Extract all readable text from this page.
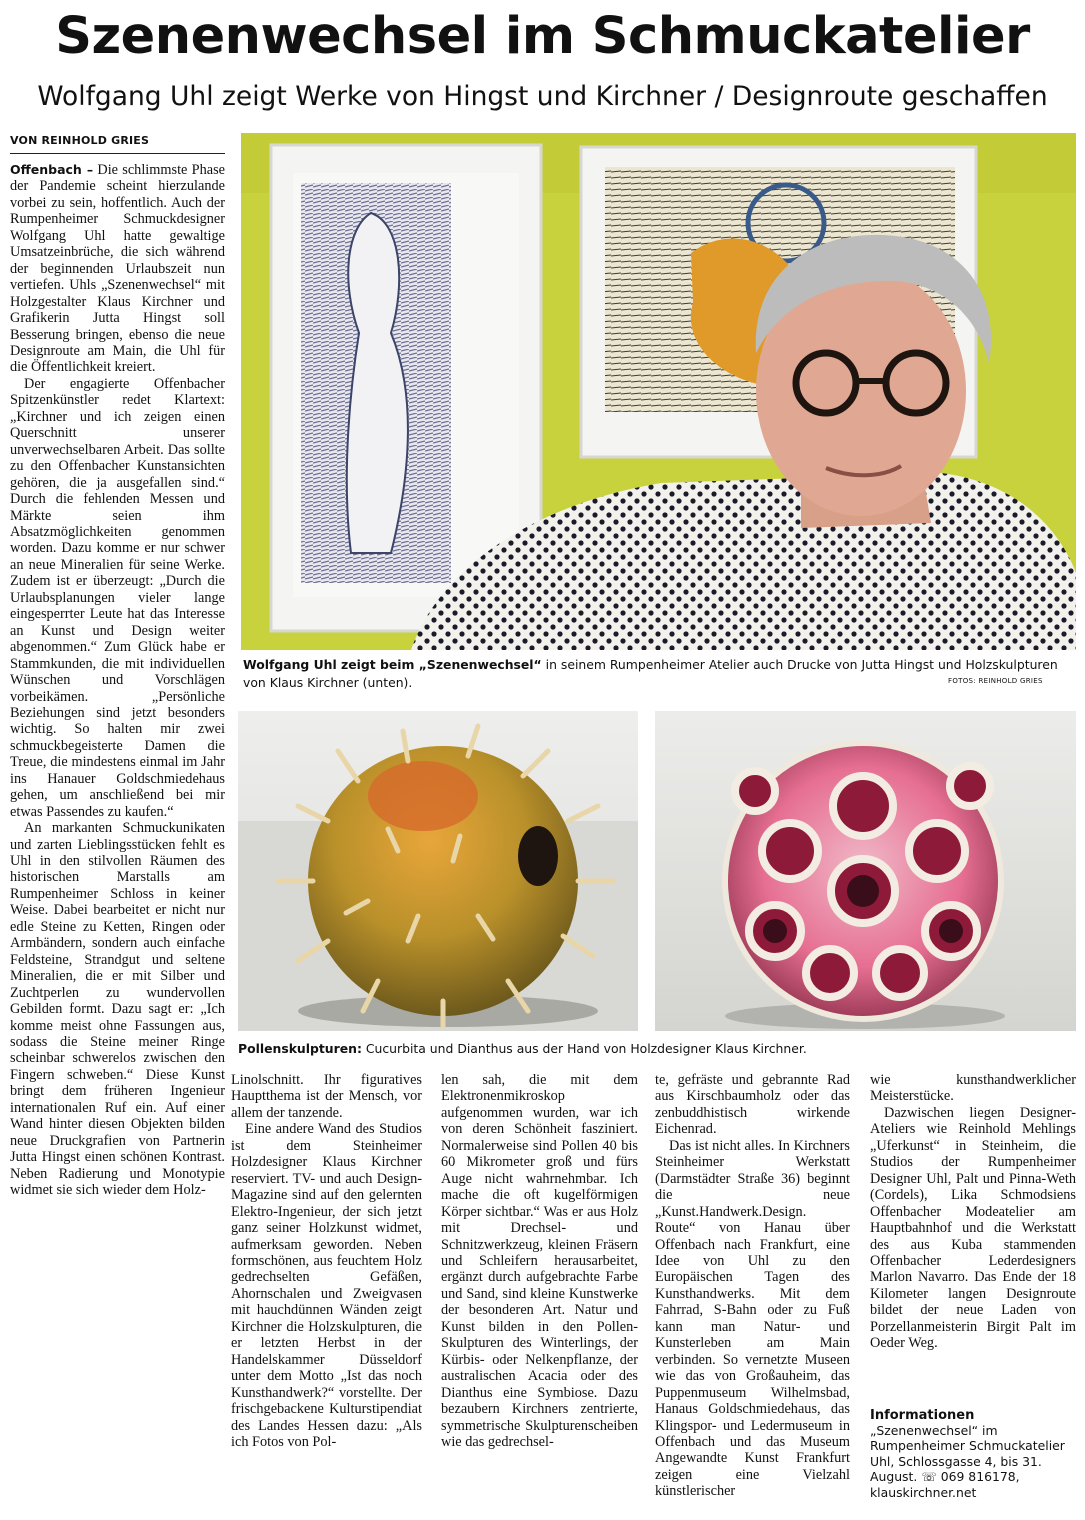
Szenenwechsel im Schmuckatelier
Wolfgang Uhl zeigt Werke von Hingst und Kirchner / Designroute geschaffen
VON REINHOLD GRIES

Offenbach – Die schlimmste Phase der Pandemie scheint hierzulande vorbei zu sein, hoffentlich. Auch der Rumpenheimer Schmuckdesigner Wolfgang Uhl hatte gewaltige Umsatzeinbrüche, die sich während der beginnenden Urlaubszeit nun vertiefen. Uhls „Szenenwechsel“ mit Holzgestalter Klaus Kirchner und Grafikerin Jutta Hingst soll Besserung bringen, ebenso die neue Designroute am Main, die Uhl für die Öffentlichkeit kreiert.

Der engagierte Offenbacher Spitzenkünstler redet Klartext: „Kirchner und ich zeigen einen Querschnitt unserer unverwechselbaren Arbeit. Das sollte zu den Offenbacher Kunstansichten gehören, die ja ausgefallen sind.“ Durch die fehlenden Messen und Märkte seien ihm Absatzmöglichkeiten genommen worden. Dazu komme er nur schwer an neue Mineralien für seine Werke. Zudem ist er überzeugt: „Durch die Urlaubsplanungen vieler lange eingesperrter Leute hat das Interesse an Kunst und Design weiter abgenommen.“ Zum Glück habe er Stammkunden, die mit individuellen Wünschen und Vorschlägen vorbeikämen. „Persönliche Beziehungen sind jetzt besonders wichtig. So halten mir zwei schmuckbegeisterte Damen die Treue, die mindestens einmal im Jahr ins Hanauer Goldschmiedehaus gehen, um anschließend bei mir etwas Passendes zu kaufen.“

An markanten Schmuckunikaten und zarten Lieblingsstücken fehlt es Uhl in den stilvollen Räumen des historischen Marstalls am Rumpenheimer Schloss in keiner Weise. Dabei bearbeitet er nicht nur edle Steine zu Ketten, Ringen oder Armbändern, sondern auch einfache Feldsteine, Strandgut und seltene Mineralien, die er mit Silber und Zuchtperlen zu wundervollen Gebilden formt. Dazu sagt er: „Ich komme meist ohne Fassungen aus, sodass die Steine meiner Ringe scheinbar schwerelos zwischen den Fingern schweben.“ Diese Kunst bringt dem früheren Ingenieur internationalen Ruf ein. Auf einer Wand hinter diesen Objekten bilden neue Druckgrafien von Partnerin Jutta Hingst einen schönen Kontrast. Neben Radierung und Monotypie widmet sie sich wieder dem Holz-

Wolfgang Uhl zeigt beim „Szenenwechsel“ in seinem Rumpenheimer Atelier auch Drucke von Jutta Hingst und Holzskulpturen von Klaus Kirchner (unten).	FOTOS: REINHOLD GRIES
Pollenskulpturen: Cucurbita und Dianthus aus der Hand von Holzdesigner Klaus Kirchner.

Linolschnitt. Ihr figuratives Hauptthema ist der Mensch, vor allem der tanzende.

Eine andere Wand des Studios ist dem Steinheimer Holzdesigner Klaus Kirchner reserviert. TV- und auch Design-Magazine sind auf den gelernten Elektro-Ingenieur, der sich jetzt ganz seiner Holzkunst widmet, aufmerksam geworden. Neben formschönen, aus feuchtem Holz gedrechselten Gefäßen, Ahornschalen und Zweigvasen mit hauchdünnen Wänden zeigt Kirchner die Holzskulpturen, die er letzten Herbst in der Handelskammer Düsseldorf unter dem Motto „Ist das noch Kunsthandwerk?“ vorstellte. Der frischgebackene Kulturstipendiat des Landes Hessen dazu: „Als ich Fotos von Pol-

len sah, die mit dem Elektronenmikroskop aufgenommen wurden, war ich von deren Schönheit fasziniert. Normalerweise sind Pollen 40 bis 60 Mikrometer groß und fürs Auge nicht wahrnehmbar. Ich mache die oft kugelförmigen Körper sichtbar.“ Was er aus Holz mit Drechsel- und Schnitzwerkzeug, kleinen Fräsern und Schleifern herausarbeitet, ergänzt durch aufgebrachte Farbe und Sand, sind kleine Kunstwerke der besonderen Art. Natur und Kunst bilden in den Pollen-Skulpturen des Winterlings, der Kürbis- oder Nelkenpflanze, der australischen Acacia oder des Dianthus eine Symbiose. Dazu bezaubern Kirchners zentrierte, symmetrische Skulpturenscheiben wie das gedrechsel-

te, gefräste und gebrannte Rad aus Kirschbaumholz oder das zenbuddhistisch wirkende Eichenrad.

Das ist nicht alles. In Kirchners Steinheimer Werkstatt (Darmstädter Straße 36) beginnt die neue „Kunst.Handwerk.Design. Route“ von Hanau über Offenbach nach Frankfurt, eine Idee von Uhl zu den Europäischen Tagen des Kunsthandwerks. Mit dem Fahrrad, S-Bahn oder zu Fuß kann man Natur- und Kunsterleben am Main verbinden. So vernetzte Museen wie das von Großauheim, das Puppenmuseum Wilhelmsbad, Hanaus Goldschmiedehaus, das Klingspor- und Ledermuseum in Offenbach und das Museum Angewandte Kunst Frankfurt zeigen eine Vielzahl künstlerischer

wie kunsthandwerklicher Meisterstücke.

Dazwischen liegen Designer-Ateliers wie Reinhold Mehlings „Uferkunst“ in Steinheim, die Studios der Rumpenheimer Designer Uhl, Palt und Pinna-Weth (Cordels), Lika Schmodsiens Offenbacher Modeatelier am Hauptbahnhof und die Werkstatt des aus Kuba stammenden Offenbacher Lederdesigners Marlon Navarro. Das Ende der 18 Kilometer langen Designroute bildet der neue Laden von Porzellanmeisterin Birgit Palt im Oeder Weg.

Informationen
„Szenenwechsel“ im Rumpenheimer Schmuckatelier Uhl, Schlossgasse 4, bis 31. August. ☏ 069 816178,
klauskirchner.net
